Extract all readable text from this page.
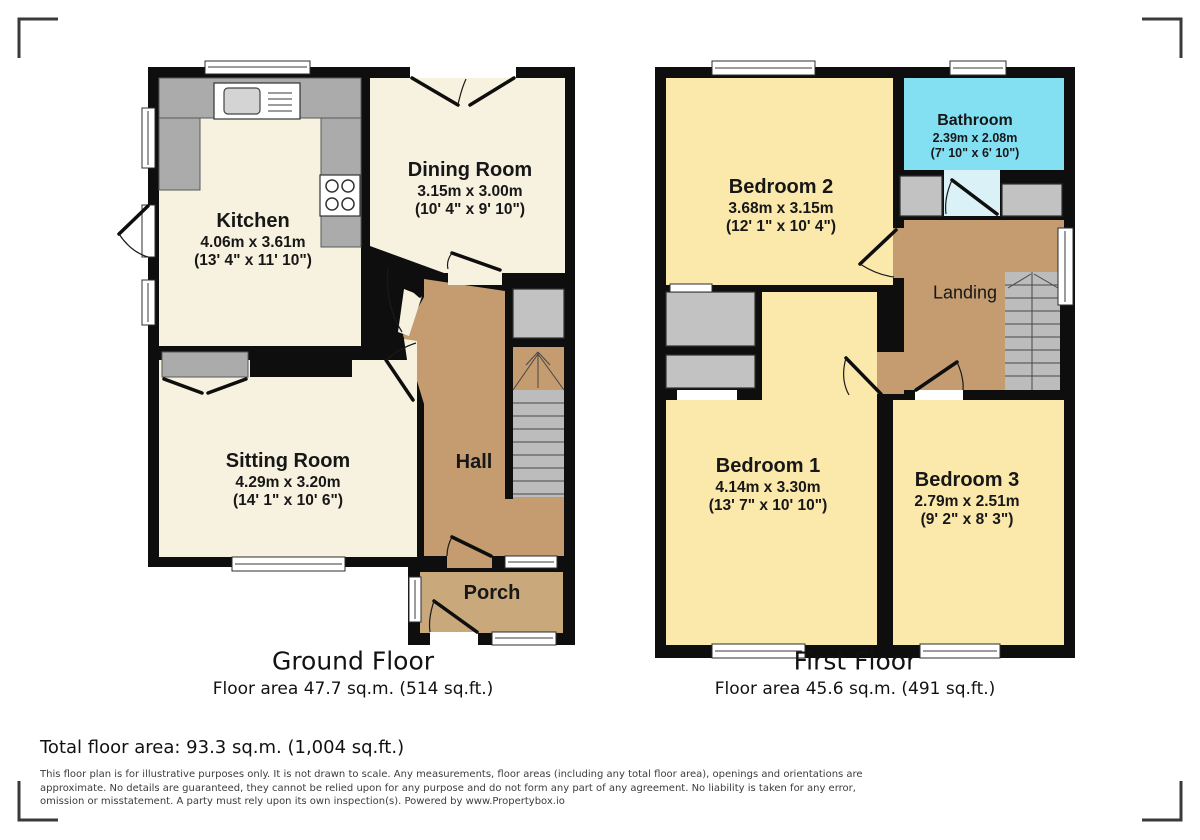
Kitchen
4.06m x 3.61m
(13' 4" x 11' 10")
Dining Room
3.15m x 3.00m
(10' 4" x 9' 10")
Sitting Room
4.29m x 3.20m
(14' 1" x 10' 6")
Hall
Porch
Bedroom 2
3.68m x 3.15m
(12' 1" x 10' 4")
Bathroom
2.39m x 2.08m
(7' 10" x 6' 10")
Landing
Bedroom 1
4.14m x 3.30m
(13' 7" x 10' 10")
Bedroom 3
2.79m x 2.51m
(9' 2" x 8' 3")
Ground Floor
Floor area 47.7 sq.m. (514 sq.ft.)
First Floor
Floor area 45.6 sq.m. (491 sq.ft.)
Total floor area: 93.3 sq.m. (1,004 sq.ft.)
This floor plan is for illustrative purposes only. It is not drawn to scale. Any measurements, floor areas (including any total floor area), openings and orientations are
approximate. No details are guaranteed, they cannot be relied upon for any purpose and do not form any part of any agreement. No liability is taken for any error,
omission or misstatement. A party must rely upon its own inspection(s). Powered by www.Propertybox.io
